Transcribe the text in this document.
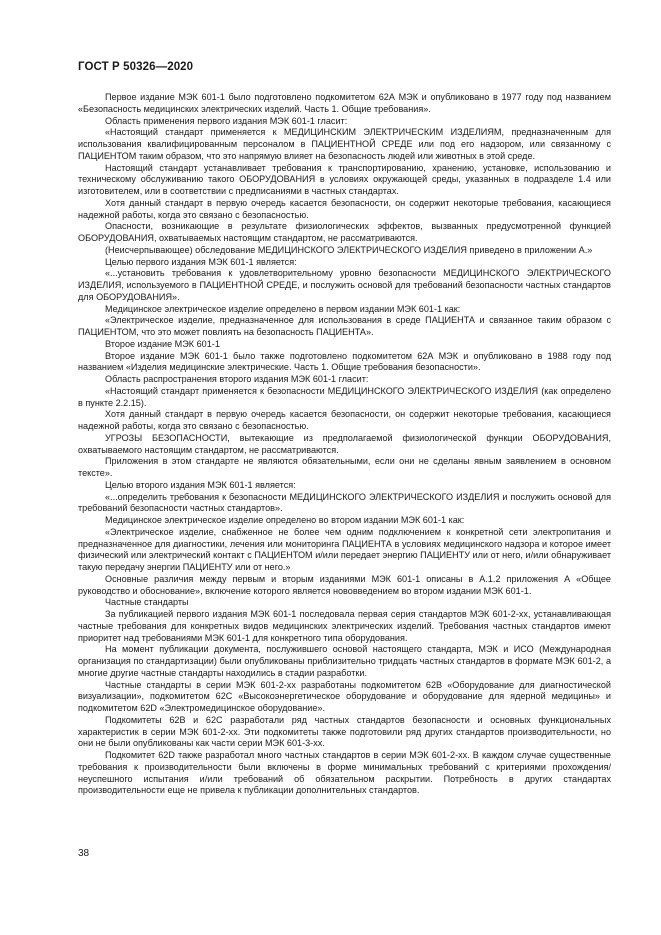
ГОСТ Р 50326—2020

Первое издание МЭК 601-1 было подготовлено подкомитетом 62А МЭК и опубликовано в 1977 году под названием «Безопасность медицинских электрических изделий. Часть 1. Общие требования».

Область применения первого издания МЭК 601-1 гласит:

«Настоящий стандарт применяется к МЕДИЦИНСКИМ ЭЛЕКТРИЧЕСКИМ ИЗДЕЛИЯМ, предназначенным для использования квалифицированным персоналом в ПАЦИЕНТНОЙ СРЕДЕ или под его надзором, или связанному с ПАЦИЕНТОМ таким образом, что это напрямую влияет на безопасность людей или животных в этой среде.

Настоящий стандарт устанавливает требования к транспортированию, хранению, установке, использованию и техническому обслуживанию такого ОБОРУДОВАНИЯ в условиях окружающей среды, указанных в подразделе 1.4 или изготовителем, или в соответствии с предписаниями в частных стандартах.

Хотя данный стандарт в первую очередь касается безопасности, он содержит некоторые требования, касающиеся надежной работы, когда это связано с безопасностью.

Опасности, возникающие в результате физиологических эффектов, вызванных предусмотренной функцией ОБОРУДОВАНИЯ, охватываемых настоящим стандартом, не рассматриваются.

(Неисчерпывающее) обследование МЕДИЦИНСКОГО ЭЛЕКТРИЧЕСКОГО ИЗДЕЛИЯ приведено в приложении А.»

Целью первого издания МЭК 601-1 является:

«...установить требования к удовлетворительному уровню безопасности МЕДИЦИНСКОГО ЭЛЕКТРИЧЕСКОГО ИЗДЕЛИЯ, используемого в ПАЦИЕНТНОЙ СРЕДЕ, и послужить основой для требований безопасности частных стандартов для ОБОРУДОВАНИЯ».

Медицинское электрическое изделие определено в первом издании МЭК 601-1 как:

«Электрическое изделие, предназначенное для использования в среде ПАЦИЕНТА и связанное таким образом с ПАЦИЕНТОМ, что это может повлиять на безопасность ПАЦИЕНТА».

Второе издание МЭК 601-1

Второе издание МЭК 601-1 было также подготовлено подкомитетом 62А МЭК и опубликовано в 1988 году под названием «Изделия медицинские электрические. Часть 1. Общие требования безопасности».

Область распространения второго издания МЭК 601-1 гласит:

«Настоящий стандарт применяется к безопасности МЕДИЦИНСКОГО ЭЛЕКТРИЧЕСКОГО ИЗДЕЛИЯ (как определено в пункте 2.2.15).

Хотя данный стандарт в первую очередь касается безопасности, он содержит некоторые требования, касающиеся надежной работы, когда это связано с безопасностью.

УГРОЗЫ БЕЗОПАСНОСТИ, вытекающие из предполагаемой физиологической функции ОБОРУДОВАНИЯ, охватываемого настоящим стандартом, не рассматриваются.

Приложения в этом стандарте не являются обязательными, если они не сделаны явным заявлением в основном тексте».

Целью второго издания МЭК 601-1 является:

«...определить требования к безопасности МЕДИЦИНСКОГО ЭЛЕКТРИЧЕСКОГО ИЗДЕЛИЯ и послужить основой для требований безопасности частных стандартов».

Медицинское электрическое изделие определено во втором издании МЭК 601-1 как:

«Электрическое изделие, снабженное не более чем одним подключением к конкретной сети электропитания и предназначенное для диагностики, лечения или мониторинга ПАЦИЕНТА в условиях медицинского надзора и которое имеет физический или электрический контакт с ПАЦИЕНТОМ и/или передает энергию ПАЦИЕНТУ или от него, и/или обнаруживает такую передачу энергии ПАЦИЕНТУ или от него.»

Основные различия между первым и вторым изданиями МЭК 601-1 описаны в А.1.2 приложения А «Общее руководство и обоснование», включение которого является нововведением во втором издании МЭК 601-1.

Частные стандарты

За публикацией первого издания МЭК 601-1 последовала первая серия стандартов МЭК 601-2-хх, устанавливающая частные требования для конкретных видов медицинских электрических изделий. Требования частных стандартов имеют приоритет над требованиями МЭК 601-1 для конкретного типа оборудования.

На момент публикации документа, послужившего основой настоящего стандарта, МЭК и ИСО (Международная организация по стандартизации) были опубликованы приблизительно тридцать частных стандартов в формате МЭК 601-2, а многие другие частные стандарты находились в стадии разработки.

Частные стандарты в серии МЭК 601-2-хх разработаны подкомитетом 62В «Оборудование для диагностической визуализации», подкомитетом 62С «Высокоэнергетическое оборудование и оборудование для ядерной медицины» и подкомитетом 62D «Электромедицинское оборудование».

Подкомитеты 62В и 62С разработали ряд частных стандартов безопасности и основных функциональных характеристик в серии МЭК 601-2-хх. Эти подкомитеты также подготовили ряд других стандартов производительности, но они не были опубликованы как части серии МЭК 601-3-хх.

Подкомитет 62D также разработал много частных стандартов в серии МЭК 601-2-хх. В каждом случае существенные требования к производительности были включены в форме минимальных требований с критериями прохождения/неуспешного испытания и/или требований об обязательном раскрытии. Потребность в других стандартах производительности еще не привела к публикации дополнительных стандартов.

38
